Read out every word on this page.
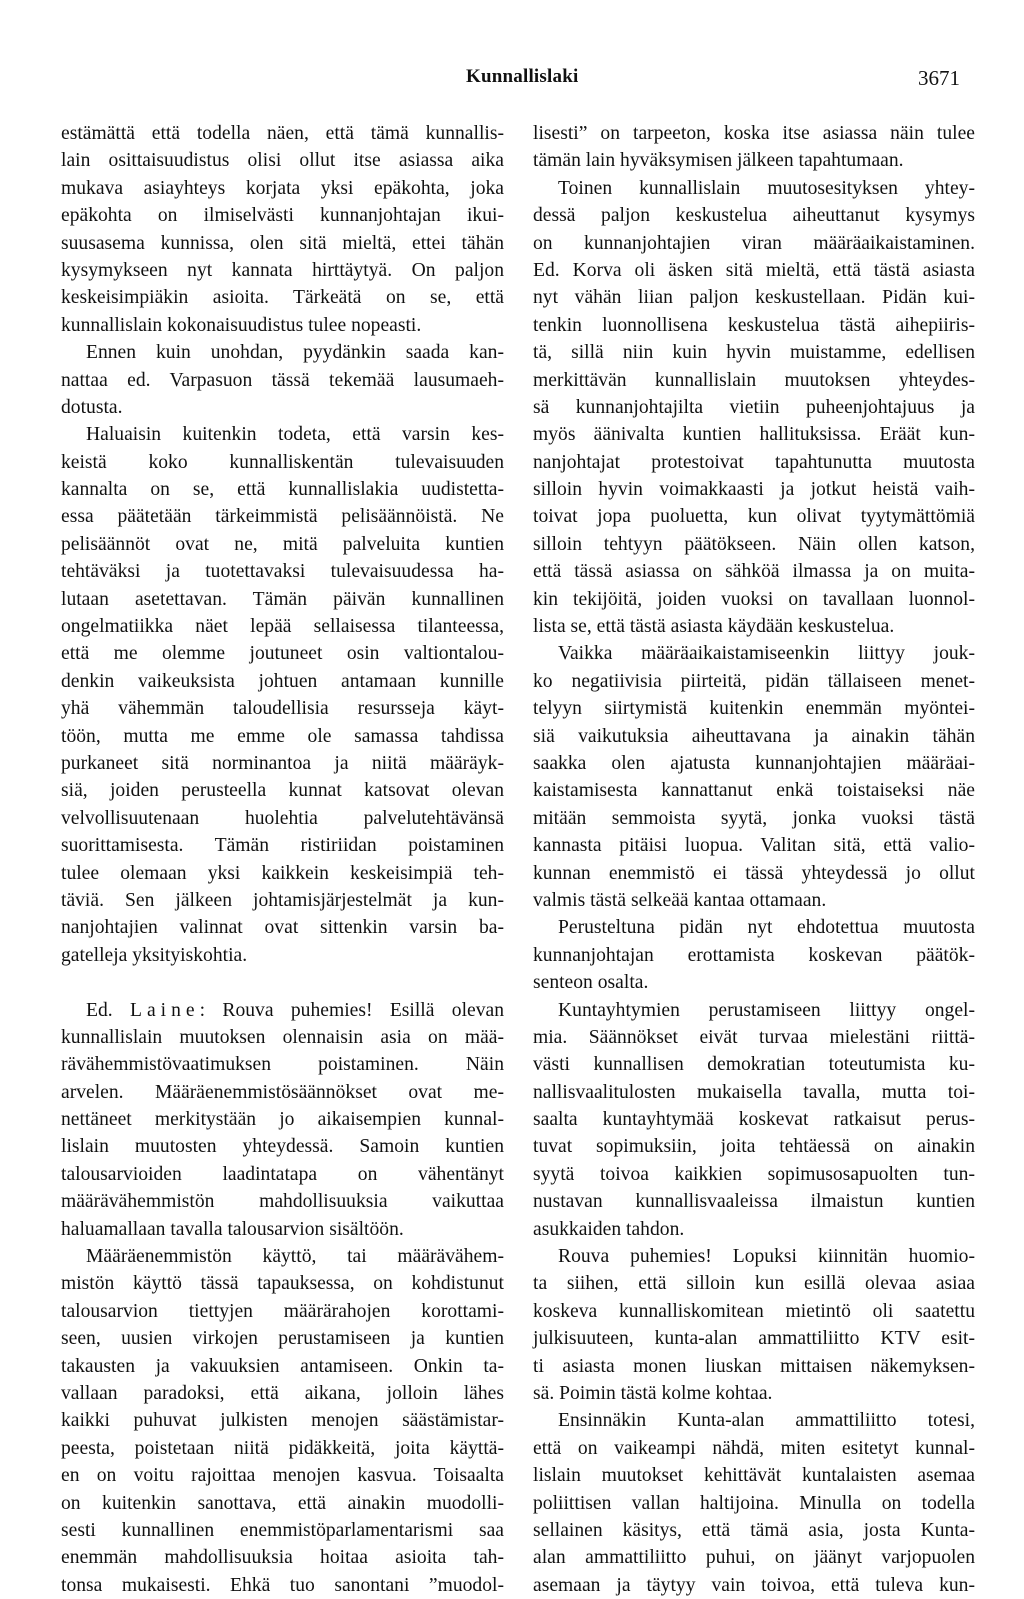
Kunnallislaki	3671
estämättä että todella näen, että tämä kunnallis-
lain osittaisuudistus olisi ollut itse asiassa aika
mukava asiayhteys korjata yksi epäkohta, joka
epäkohta on ilmiselvästi kunnanjohtajan ikui-
suusasema kunnissa, olen sitä mieltä, ettei tähän
kysymykseen nyt kannata hirttäytyä. On paljon
keskeisimpiäkin asioita. Tärkeätä on se, että
kunnallislain kokonaisuudistus tulee nopeasti.
Ennen kuin unohdan, pyydänkin saada kan-
nattaa ed. Varpasuon tässä tekemää lausumaeh-
dotusta.
Haluaisin kuitenkin todeta, että varsin kes-
keistä koko kunnalliskentän tulevaisuuden
kannalta on se, että kunnallislakia uudistetta-
essa päätetään tärkeimmistä pelisäännöistä. Ne
pelisäännöt ovat ne, mitä palveluita kuntien
tehtäväksi ja tuotettavaksi tulevaisuudessa ha-
lutaan asetettavan. Tämän päivän kunnallinen
ongelmatiikka näet lepää sellaisessa tilanteessa,
että me olemme joutuneet osin valtiontalou-
denkin vaikeuksista johtuen antamaan kunnille
yhä vähemmän taloudellisia resursseja käyt-
töön, mutta me emme ole samassa tahdissa
purkaneet sitä norminantoa ja niitä määräyk-
siä, joiden perusteella kunnat katsovat olevan
velvollisuutenaan huolehtia palvelutehtävänsä
suorittamisesta. Tämän ristiriidan poistaminen
tulee olemaan yksi kaikkein keskeisimpiä teh-
täviä. Sen jälkeen johtamisjärjestelmät ja kun-
nanjohtajien valinnat ovat sittenkin varsin ba-
gatelleja yksityiskohtia.
Ed. Laine: Rouva puhemies! Esillä olevan
kunnallislain muutoksen olennaisin asia on mää-
rävähemmistövaatimuksen poistaminen. Näin
arvelen. Määräenemmistösäännökset ovat me-
nettäneet merkitystään jo aikaisempien kunnal-
lislain muutosten yhteydessä. Samoin kuntien
talousarvioiden laadintatapa on vähentänyt
määrävähemmistön mahdollisuuksia vaikuttaa
haluamallaan tavalla talousarvion sisältöön.
Määräenemmistön käyttö, tai määrävähem-
mistön käyttö tässä tapauksessa, on kohdistunut
talousarvion tiettyjen määrärahojen korottami-
seen, uusien virkojen perustamiseen ja kuntien
takausten ja vakuuksien antamiseen. Onkin ta-
vallaan paradoksi, että aikana, jolloin lähes
kaikki puhuvat julkisten menojen säästämistar-
peesta, poistetaan niitä pidäkkeitä, joita käyttä-
en on voitu rajoittaa menojen kasvua. Toisaalta
on kuitenkin sanottava, että ainakin muodolli-
sesti kunnallinen enemmistöparlamentarismi saa
enemmän mahdollisuuksia hoitaa asioita tah-
tonsa mukaisesti. Ehkä tuo sanontani ”muodol-
lisesti” on tarpeeton, koska itse asiassa näin tulee
tämän lain hyväksymisen jälkeen tapahtumaan.
Toinen kunnallislain muutosesityksen yhtey-
dessä paljon keskustelua aiheuttanut kysymys
on kunnanjohtajien viran määräaikaistaminen.
Ed. Korva oli äsken sitä mieltä, että tästä asiasta
nyt vähän liian paljon keskustellaan. Pidän kui-
tenkin luonnollisena keskustelua tästä aihepiiris-
tä, sillä niin kuin hyvin muistamme, edellisen
merkittävän kunnallislain muutoksen yhteydes-
sä kunnanjohtajilta vietiin puheenjohtajuus ja
myös äänivalta kuntien hallituksissa. Eräät kun-
nanjohtajat protestoivat tapahtunutta muutosta
silloin hyvin voimakkaasti ja jotkut heistä vaih-
toivat jopa puoluetta, kun olivat tyytymättömiä
silloin tehtyyn päätökseen. Näin ollen katson,
että tässä asiassa on sähköä ilmassa ja on muita-
kin tekijöitä, joiden vuoksi on tavallaan luonnol-
lista se, että tästä asiasta käydään keskustelua.
Vaikka määräaikaistamiseenkin liittyy jouk-
ko negatiivisia piirteitä, pidän tällaiseen menet-
telyyn siirtymistä kuitenkin enemmän myöntei-
siä vaikutuksia aiheuttavana ja ainakin tähän
saakka olen ajatusta kunnanjohtajien määräai-
kaistamisesta kannattanut enkä toistaiseksi näe
mitään semmoista syytä, jonka vuoksi tästä
kannasta pitäisi luopua. Valitan sitä, että valio-
kunnan enemmistö ei tässä yhteydessä jo ollut
valmis tästä selkeää kantaa ottamaan.
Perusteltuna pidän nyt ehdotettua muutosta
kunnanjohtajan erottamista koskevan päätök-
senteon osalta.
Kuntayhtymien perustamiseen liittyy ongel-
mia. Säännökset eivät turvaa mielestäni riittä-
västi kunnallisen demokratian toteutumista ku-
nallisvaalitulosten mukaisella tavalla, mutta toi-
saalta kuntayhtymää koskevat ratkaisut perus-
tuvat sopimuksiin, joita tehtäessä on ainakin
syytä toivoa kaikkien sopimusosapuolten tun-
nustavan kunnallisvaaleissa ilmaistun kuntien
asukkaiden tahdon.
Rouva puhemies! Lopuksi kiinnitän huomio-
ta siihen, että silloin kun esillä olevaa asiaa
koskeva kunnalliskomitean mietintö oli saatettu
julkisuuteen, kunta-alan ammattiliitto KTV esit-
ti asiasta monen liuskan mittaisen näkemyksen-
sä. Poimin tästä kolme kohtaa.
Ensinnäkin Kunta-alan ammattiliitto totesi,
että on vaikeampi nähdä, miten esitetyt kunnal-
lislain muutokset kehittävät kuntalaisten asemaa
poliittisen vallan haltijoina. Minulla on todella
sellainen käsitys, että tämä asia, josta Kunta-
alan ammattiliitto puhui, on jäänyt varjopuolen
asemaan ja täytyy vain toivoa, että tuleva kun-
